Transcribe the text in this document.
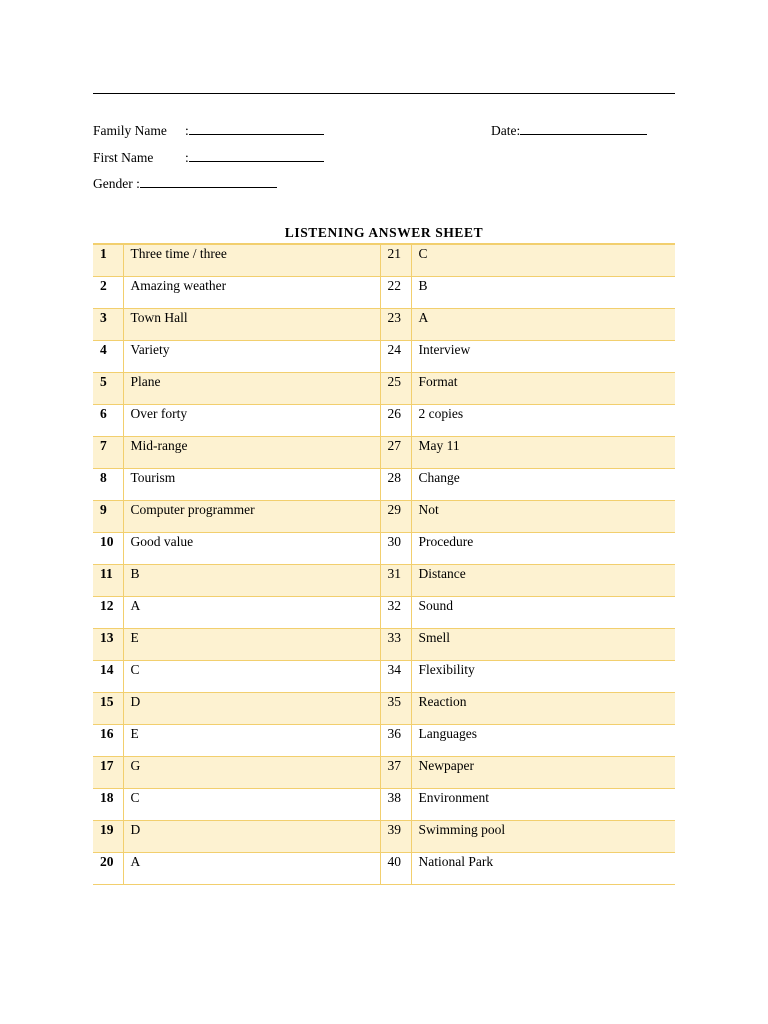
Family Name :	Date:
First Name :
Gender :
LISTENING ANSWER SHEET
1	Three time / three	21	C
2	Amazing weather	22	B
3	Town Hall	23	A
4	Variety	24	Interview
5	Plane	25	Format
6	Over forty	26	2 copies
7	Mid-range	27	May 11
8	Tourism	28	Change
9	Computer programmer	29	Not
10	Good value	30	Procedure
11	B	31	Distance
12	A	32	Sound
13	E	33	Smell
14	C	34	Flexibility
15	D	35	Reaction
16	E	36	Languages
17	G	37	Newpaper
18	C	38	Environment
19	D	39	Swimming pool
20	A	40	National Park
